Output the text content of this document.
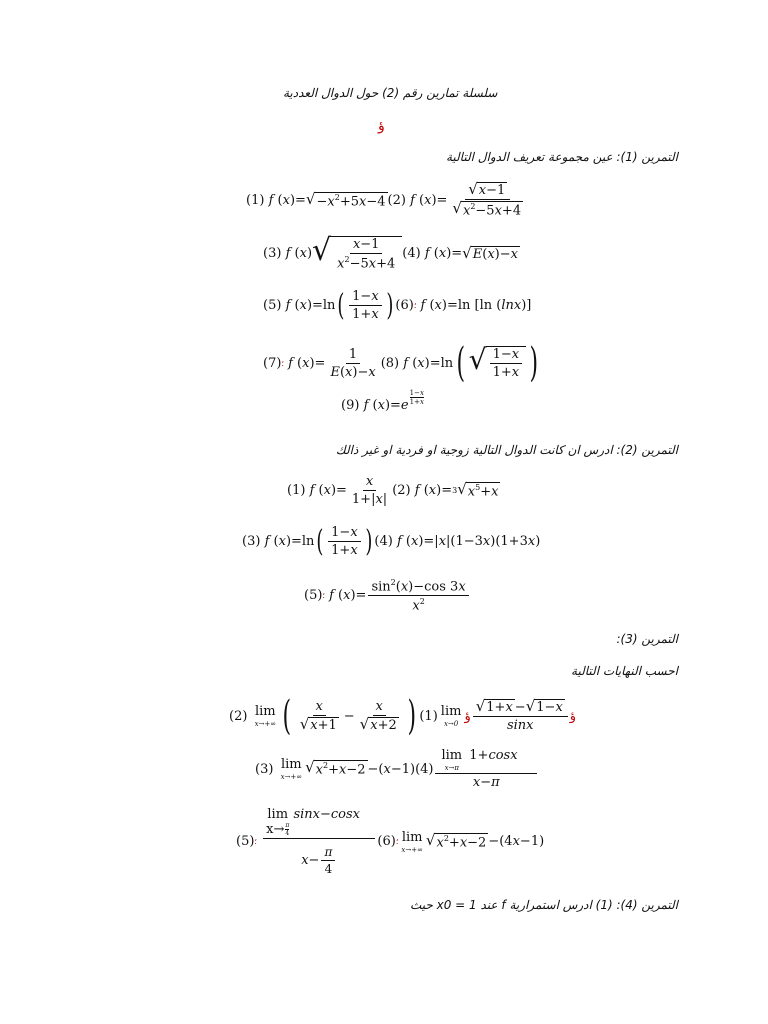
سلسلة تمارين رقم (2) حول الدوال العددية
ؤ
التمرين (1): عين مجموعة تعريف الدوال التالية
(1)
f ( x )= √ $-x^2+5x-4$ (2)
f ( x )= $\frac{√ x-1}{√ x^2-5x+4}$
(3)
f ( x ) √ $\frac{x-1}{x^2-5x+4} (4)$
f ( x )= √ E(x)−x
(5)
f ( x )=ln ( $\frac{1-x}{1+x}$ ) (6) ؛
f ( x )=ln [ln ( lnx )]
(7) ؛
f ( x )= $\frac{1}{E(x)-x} (8)$
f ( x )=ln ( √ $\frac{1-x}{1+x}$ )
(9)
f ( x )= e
1−x
1+x
التمرين (2): ادرس ان كانت الدوال التالية زوجية او فردية او غير ذالك
(1)
f ( x )= $\frac{x}{1+|x|} (2)$
f ( x )= 3 √ $x^5+x$
(3)
f ( x )=ln ( $\frac{1-x}{1+x}$ ) (4)
f ( x )=| x |(1−3 x )(1+3 x )
(5) ؛
f ( x )= $\frac{\sin^2(x)-\cos 3x}{x^2}$
التمرين (3):
احسب النهايات التالية
(2)
lim
x→+∞ ( $\frac{x}{√ x+1} - \frac{x}{√ x+2}$ ) (1) lim
x→0
ؤ $\frac{√ 1+x - √ 1-x}{\sin x}$ ؤ
(3)
lim
x→+∞
√ $x^2+x-2$ −( x −1) (4) lim
x→π
1+cosx
x−π
(5) ؛
lim
x→ π
4

sinx − cosx

$x- \frac{\pi}{4} (6)$ ؛ lim
x→+∞
√ $x^2+x-2 -(4$ x −1)
التمرين (4): (1) ادرس استمرارية f عند x0 = 1 حيث
